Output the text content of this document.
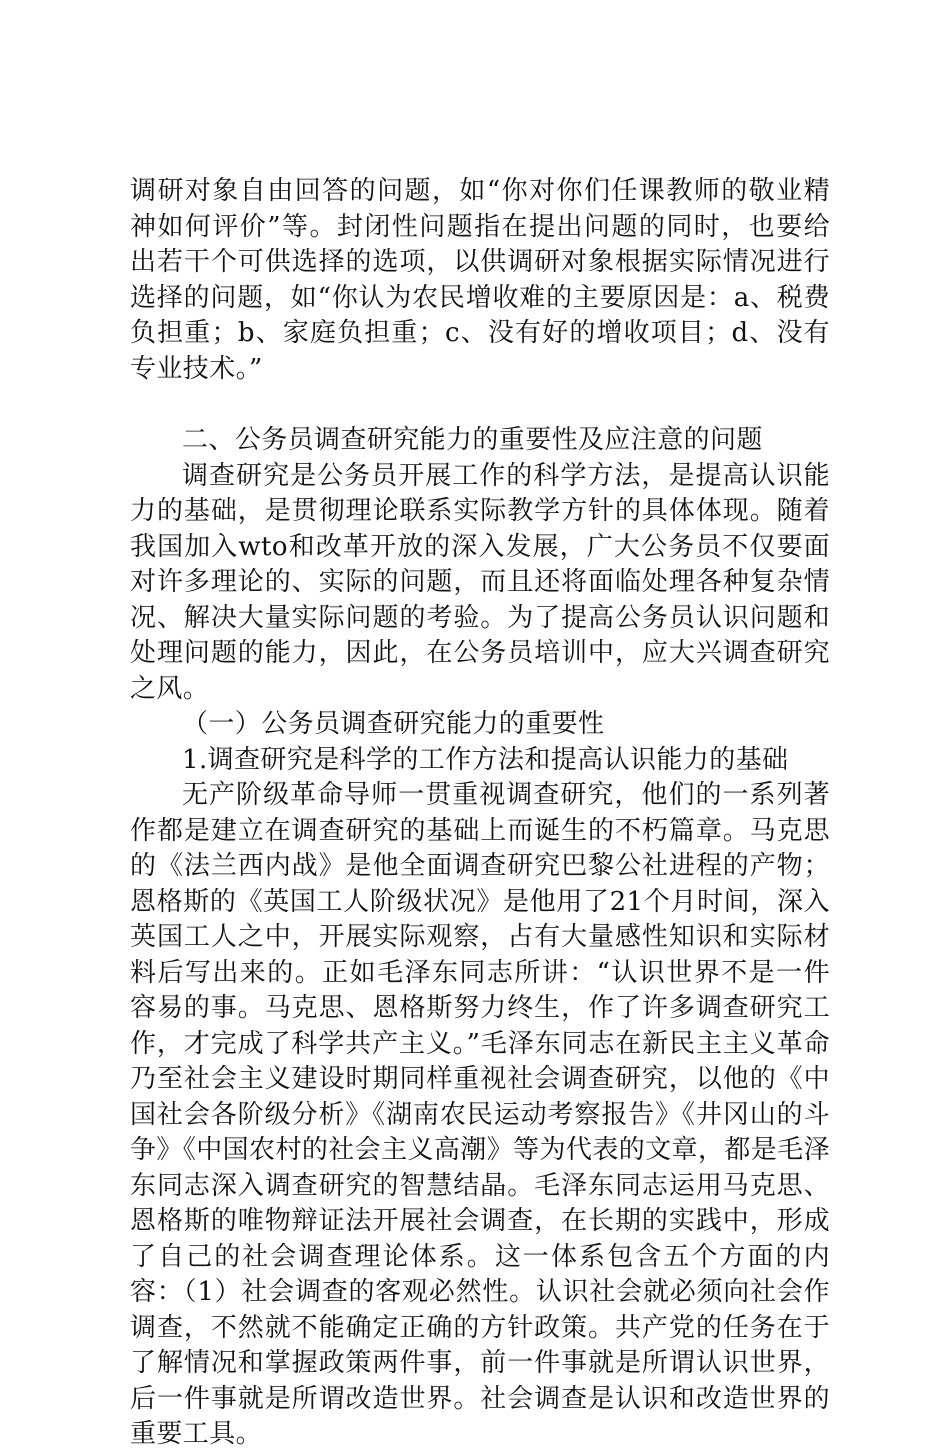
调研对象自由回答的问题，如“你对你们任课教师的敬业精神如何评价”等。封闭性问题指在提出问题的同时，也要给出若干个可供选择的选项，以供调研对象根据实际情况进行选择的问题，如“你认为农民增收难的主要原因是：a、税费负担重；b、家庭负担重；c、没有好的增收项目；d、没有专业技术。”

二、公务员调查研究能力的重要性及应注意的问题

调查研究是公务员开展工作的科学方法，是提高认识能力的基础，是贯彻理论联系实际教学方针的具体体现。随着我国加入wto和改革开放的深入发展，广大公务员不仅要面对许多理论的、实际的问题，而且还将面临处理各种复杂情况、解决大量实际问题的考验。为了提高公务员认识问题和处理问题的能力，因此，在公务员培训中，应大兴调查研究之风。

（一）公务员调查研究能力的重要性

1.调查研究是科学的工作方法和提高认识能力的基础

无产阶级革命导师一贯重视调查研究，他们的一系列著作都是建立在调查研究的基础上而诞生的不朽篇章。马克思的《法兰西内战》是他全面调查研究巴黎公社进程的产物；恩格斯的《英国工人阶级状况》是他用了21个月时间，深入英国工人之中，开展实际观察，占有大量感性知识和实际材料后写出来的。正如毛泽东同志所讲：“认识世界不是一件容易的事。马克思、恩格斯努力终生，作了许多调查研究工作，才完成了科学共产主义。”毛泽东同志在新民主主义革命乃至社会主义建设时期同样重视社会调查研究，以他的《中国社会各阶级分析》《湖南农民运动考察报告》《井冈山的斗争》《中国农村的社会主义高潮》等为代表的文章，都是毛泽东同志深入调查研究的智慧结晶。毛泽东同志运用马克思、恩格斯的唯物辩证法开展社会调查，在长期的实践中，形成了自己的社会调查理论体系。这一体系包含五个方面的内容：（1）社会调查的客观必然性。认识社会就必须向社会作调查，不然就不能确定正确的方针政策。共产党的任务在于了解情况和掌握政策两件事，前一件事就是所谓认识世界，后一件事就是所谓改造世界。社会调查是认识和改造世界的重要工具。
